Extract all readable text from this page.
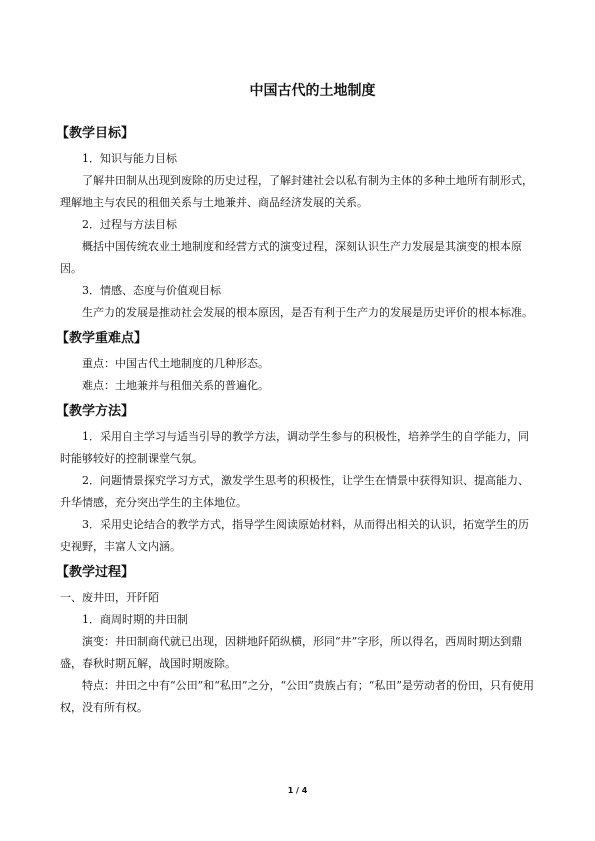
中国古代的土地制度
【教学目标】

1．知识与能力目标

了解井田制从出现到废除的历史过程，了解封建社会以私有制为主体的多种土地所有制形式，理解地主与农民的租佃关系与土地兼并、商品经济发展的关系。

2．过程与方法目标

概括中国传统农业土地制度和经营方式的演变过程，深刻认识生产力发展是其演变的根本原因。

3．情感、态度与价值观目标

生产力的发展是推动社会发展的根本原因，是否有利于生产力的发展是历史评价的根本标准。

【教学重难点】

重点：中国古代土地制度的几种形态。

难点：土地兼并与租佃关系的普遍化。

【教学方法】

1．采用自主学习与适当引导的教学方法，调动学生参与的积极性，培养学生的自学能力，同时能够较好的控制课堂气氛。

2．问题情景探究学习方式，激发学生思考的积极性，让学生在情景中获得知识、提高能力、升华情感，充分突出学生的主体地位。

3．采用史论结合的教学方式，指导学生阅读原始材料，从而得出相关的认识，拓宽学生的历史视野，丰富人文内涵。

【教学过程】

一、废井田，开阡陌

1．商周时期的井田制

演变：井田制商代就已出现，因耕地阡陌纵横，形同“井”字形，所以得名，西周时期达到鼎盛，春秋时期瓦解，战国时期废除。

特点：井田之中有“公田”和“私田”之分，“公田”贵族占有；“私田”是劳动者的份田，只有使用权，没有所有权。

1 / 4
